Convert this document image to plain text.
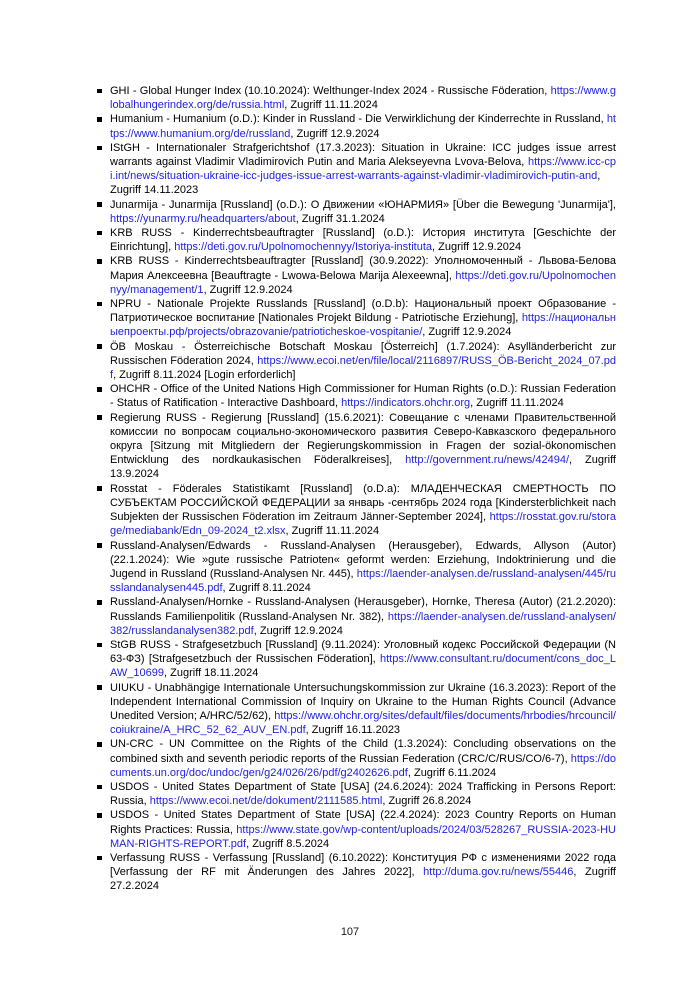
GHI - Global Hunger Index (10.10.2024): Welthunger-Index 2024 - Russische Föderation, https://www.globalhungerindex.org/de/russia.html, Zugriff 11.11.2024
Humanium - Humanium (o.D.): Kinder in Russland - Die Verwirklichung der Kinderrechte in Russland, https://www.humanium.org/de/russland, Zugriff 12.9.2024
IStGH - Internationaler Strafgerichtshof (17.3.2023): Situation in Ukraine: ICC judges issue arrest warrants against Vladimir Vladimirovich Putin and Maria Alekseyevna Lvova-Belova, https://www.icc-cpi.int/news/situation-ukraine-icc-judges-issue-arrest-warrants-against-vladimir-vladimirovich-putin-and, Zugriff 14.11.2023
Junarmija - Junarmija [Russland] (o.D.): О Движении «ЮНАРМИЯ» [Über die Bewegung 'Junarmija'], https://yunarmy.ru/headquarters/about, Zugriff 31.1.2024
KRB RUSS - Kinderrechtsbeauftragter [Russland] (o.D.): История института [Geschichte der Einrichtung], https://deti.gov.ru/Upolnomochennyy/Istoriya-instituta, Zugriff 12.9.2024
KRB RUSS - Kinderrechtsbeauftragter [Russland] (30.9.2022): Уполномоченный - Львова-Белова Мария Алексеевна [Beauftragte - Lwowa-Belowa Marija Alexeewna], https://deti.gov.ru/Upolnomochennyy/management/1, Zugriff 12.9.2024
NPRU - Nationale Projekte Russlands [Russland] (o.D.b): Национальный проект Образование - Патриотическое воспитание [Nationales Projekt Bildung - Patriotische Erziehung], https://национальныепроекты.рф/projects/obrazovanie/patrioticheskoe-vospitanie/, Zugriff 12.9.2024
ÖB Moskau - Österreichische Botschaft Moskau [Österreich] (1.7.2024): Asylländerbericht zur Russischen Föderation 2024, https://www.ecoi.net/en/file/local/2116897/RUSS_ÖB-Bericht_2024_07.pdf, Zugriff 8.11.2024 [Login erforderlich]
OHCHR - Office of the United Nations High Commissioner for Human Rights (o.D.): Russian Federation - Status of Ratification - Interactive Dashboard, https://indicators.ohchr.org, Zugriff 11.11.2024
Regierung RUSS - Regierung [Russland] (15.6.2021): Совещание с членами Правительственной комиссии по вопросам социально-экономического развития Северо-Кавказского федерального округа [Sitzung mit Mitgliedern der Regierungskommission in Fragen der sozial-ökonomischen Entwicklung des nordkaukasischen Föderalkreises], http://government.ru/news/42494/, Zugriff 13.9.2024
Rosstat - Föderales Statistikamt [Russland] (o.D.a): МЛАДЕНЧЕСКАЯ СМЕРТНОСТЬ ПО СУБЪЕКТАМ РОССИЙСКОЙ ФЕДЕРАЦИИ за январь -сентябрь 2024 года [Kindersterblichkeit nach Subjekten der Russischen Föderation im Zeitraum Jänner-September 2024], https://rosstat.gov.ru/storage/mediabank/Edn_09-2024_t2.xlsx, Zugriff 11.11.2024
Russland-Analysen/Edwards - Russland-Analysen (Herausgeber), Edwards, Allyson (Autor) (22.1.2024): Wie »gute russische Patrioten« geformt werden: Erziehung, Indoktrinierung und die Jugend in Russland (Russland-Analysen Nr. 445), https://laender-analysen.de/russland-analysen/445/russlandanalysen445.pdf, Zugriff 8.11.2024
Russland-Analysen/Hornke - Russland-Analysen (Herausgeber), Hornke, Theresa (Autor) (21.2.2020): Russlands Familienpolitik (Russland-Analysen Nr. 382), https://laender-analysen.de/russland-analysen/382/russlandanalysen382.pdf, Zugriff 12.9.2024
StGB RUSS - Strafgesetzbuch [Russland] (9.11.2024): Уголовный кодекс Российской Федерации (N 63-ФЗ) [Strafgesetzbuch der Russischen Föderation], https://www.consultant.ru/document/cons_doc_LAW_10699, Zugriff 18.11.2024
UIUKU - Unabhängige Internationale Untersuchungskommission zur Ukraine (16.3.2023): Report of the Independent International Commission of Inquiry on Ukraine to the Human Rights Council (Advance Unedited Version; A/HRC/52/62), https://www.ohchr.org/sites/default/files/documents/hrbodies/hrcouncil/coiukraine/A_HRC_52_62_AUV_EN.pdf, Zugriff 16.11.2023
UN-CRC - UN Committee on the Rights of the Child (1.3.2024): Concluding observations on the combined sixth and seventh periodic reports of the Russian Federation (CRC/C/RUS/CO/6-7), https://documents.un.org/doc/undoc/gen/g24/026/26/pdf/g2402626.pdf, Zugriff 6.11.2024
USDOS - United States Department of State [USA] (24.6.2024): 2024 Trafficking in Persons Report: Russia, https://www.ecoi.net/de/dokument/2111585.html, Zugriff 26.8.2024
USDOS - United States Department of State [USA] (22.4.2024): 2023 Country Reports on Human Rights Practices: Russia, https://www.state.gov/wp-content/uploads/2024/03/528267_RUSSIA-2023-HUMAN-RIGHTS-REPORT.pdf, Zugriff 8.5.2024
Verfassung RUSS - Verfassung [Russland] (6.10.2022): Конституция РФ с изменениями 2022 года [Verfassung der RF mit Änderungen des Jahres 2022], http://duma.gov.ru/news/55446, Zugriff 27.2.2024
107
